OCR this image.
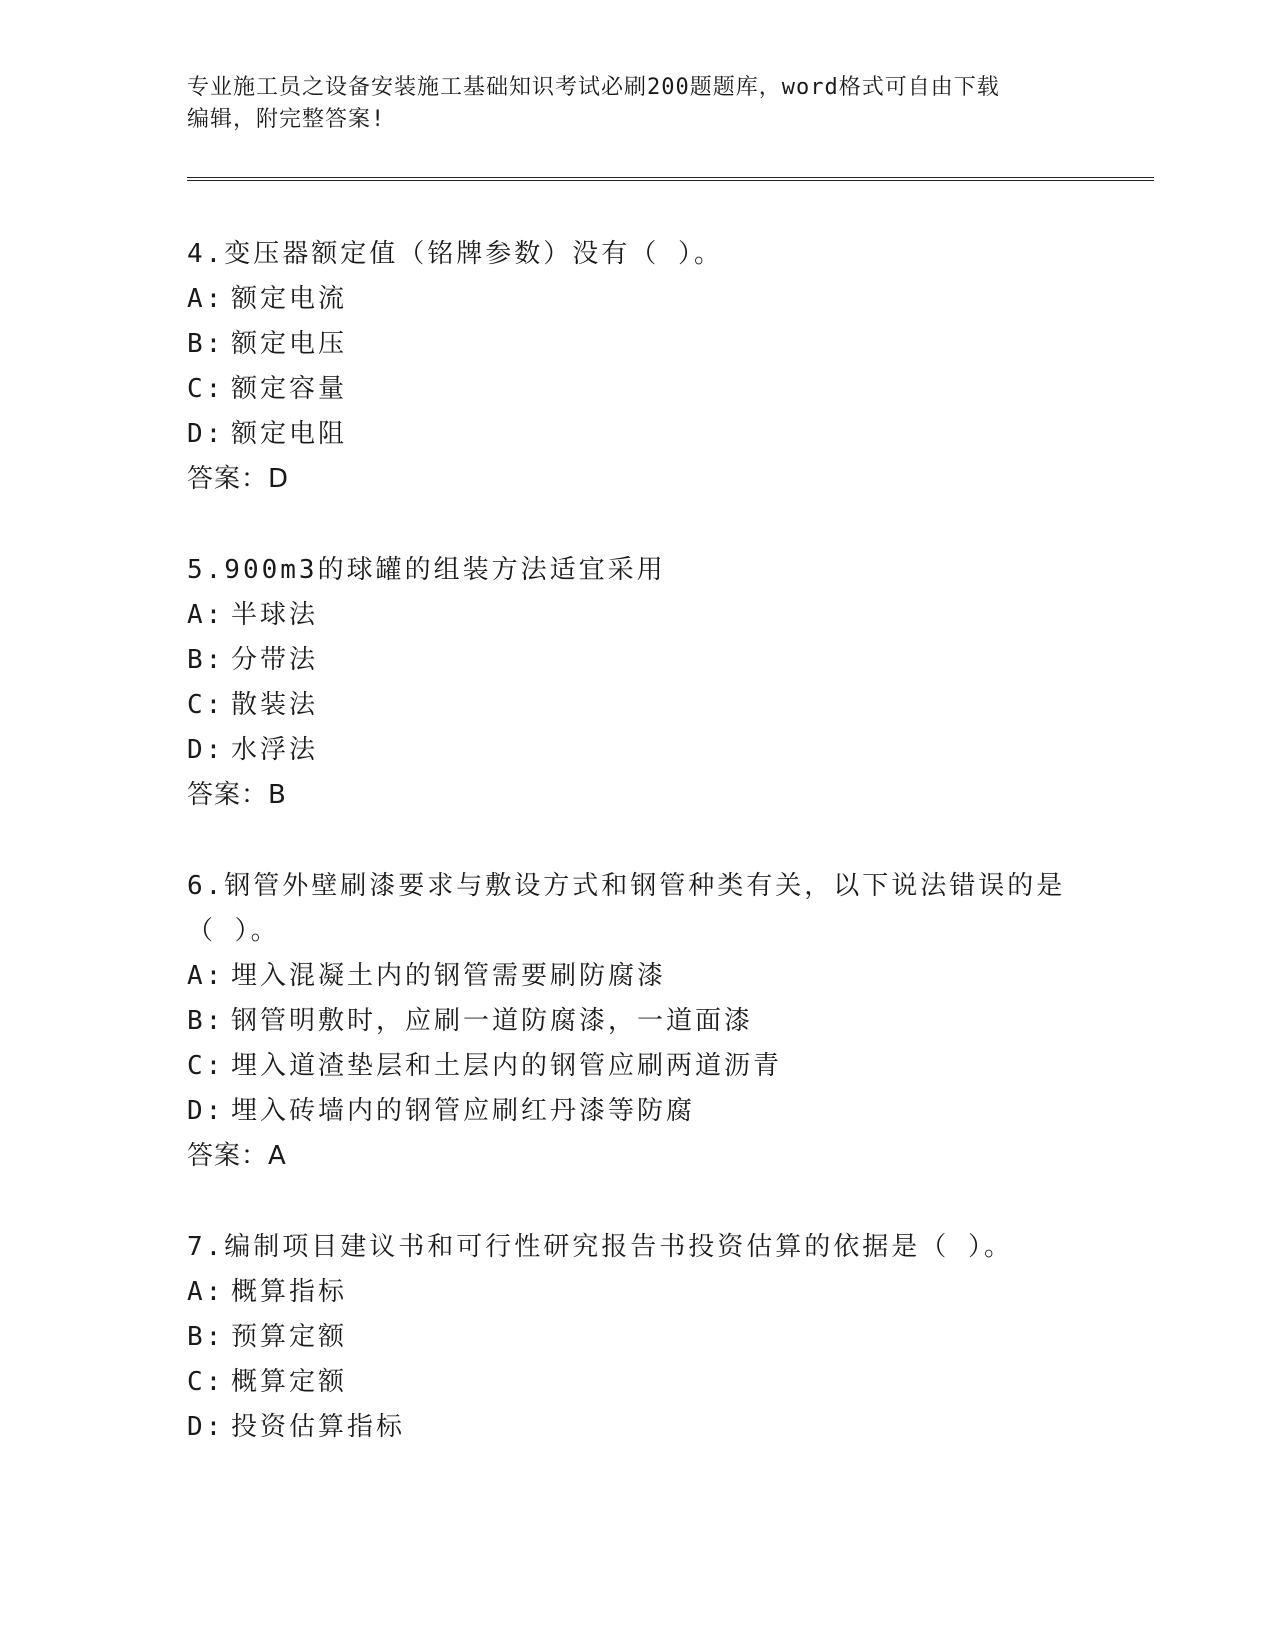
专业施工员之设备安装施工基础知识考试必刷200题题库，word格式可自由下载
编辑，附完整答案!
4.变压器额定值（铭牌参数）没有（ ）。
A: 额定电流
B: 额定电压
C: 额定容量
D: 额定电阻
答案：D
5.900m3的球罐的组装方法适宜采用
A: 半球法
B: 分带法
C: 散装法
D: 水浮法
答案：B
6.钢管外壁刷漆要求与敷设方式和钢管种类有关，以下说法错误的是
（ ）。
A: 埋入混凝土内的钢管需要刷防腐漆
B: 钢管明敷时，应刷一道防腐漆，一道面漆
C: 埋入道渣垫层和土层内的钢管应刷两道沥青
D: 埋入砖墙内的钢管应刷红丹漆等防腐
答案：A
7.编制项目建议书和可行性研究报告书投资估算的依据是（ ）。
A: 概算指标
B: 预算定额
C: 概算定额
D: 投资估算指标
